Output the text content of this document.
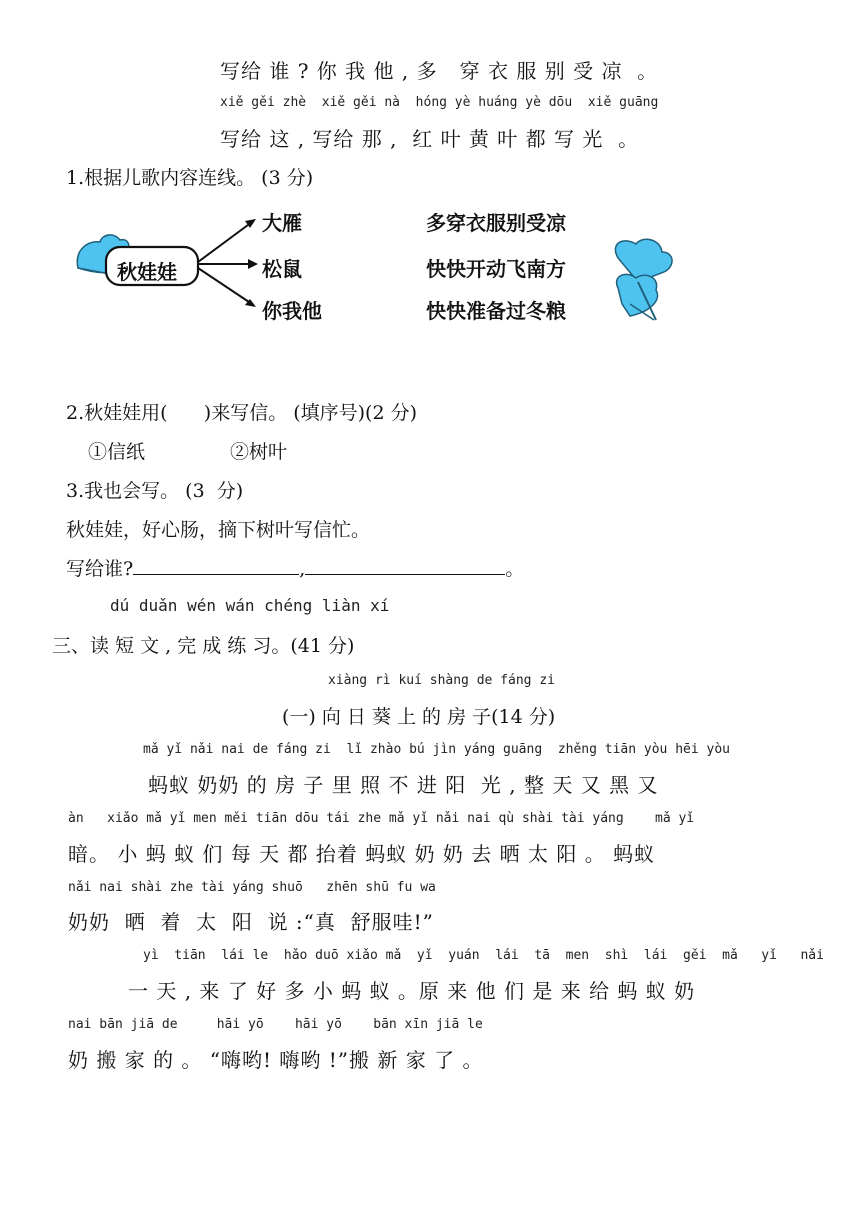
写给 谁 ? 你 我 他 , 多   穿 衣 服 别 受 凉  。
xiě gěi zhè  xiě gěi nà  hóng yè huáng yè dōu  xiě guāng
写给 这 , 写给 那 ,  红 叶 黄 叶 都 写 光  。
1.根据儿歌内容连线。 (3 分)
秋娃娃
大雁
松鼠
你我他
多穿衣服别受凉
快快开动飞南方
快快准备过冬粮
2.秋娃娃用(      )来写信。 (填序号)(2 分)
①信纸	②树叶
3.我也会写。 (3  分)
秋娃娃，好心肠，摘下树叶写信忙。
写给谁?	,	。
dú duǎn wén wán chéng liàn xí
三、读 短 文 , 完 成 练 习。(41 分)
xiàng rì kuí shàng de fáng zi
(一) 向 日 葵 上 的 房 子(14 分)
mǎ yǐ nǎi nai de fáng zi  lǐ zhào bú jìn yáng guāng  zhěng tiān yòu hēi yòu
蚂蚁 奶奶 的 房 子 里 照 不 进 阳  光 , 整 天 又 黑 又
àn   xiǎo mǎ yǐ men měi tiān dōu tái zhe mǎ yǐ nǎi nai qù shài tài yáng    mǎ yǐ
暗。 小 蚂 蚁 们 每 天 都 抬着 蚂蚁 奶 奶 去 晒 太 阳 。 蚂蚁
nǎi nai shài zhe tài yáng shuō   zhēn shū fu wa
奶奶  晒  着  太  阳  说 :“真  舒服哇!”
yì  tiān  lái le  hǎo duō xiǎo mǎ  yǐ  yuán  lái  tā  men  shì  lái  gěi  mǎ   yǐ   nǎi
一 天 , 来 了 好 多 小 蚂 蚁 。原 来 他 们 是 来 给 蚂 蚁 奶
nai bān jiā de     hāi yō    hāi yō    bān xīn jiā le
奶 搬 家 的 。 “嗨哟! 嗨哟 !”搬 新 家 了 。
